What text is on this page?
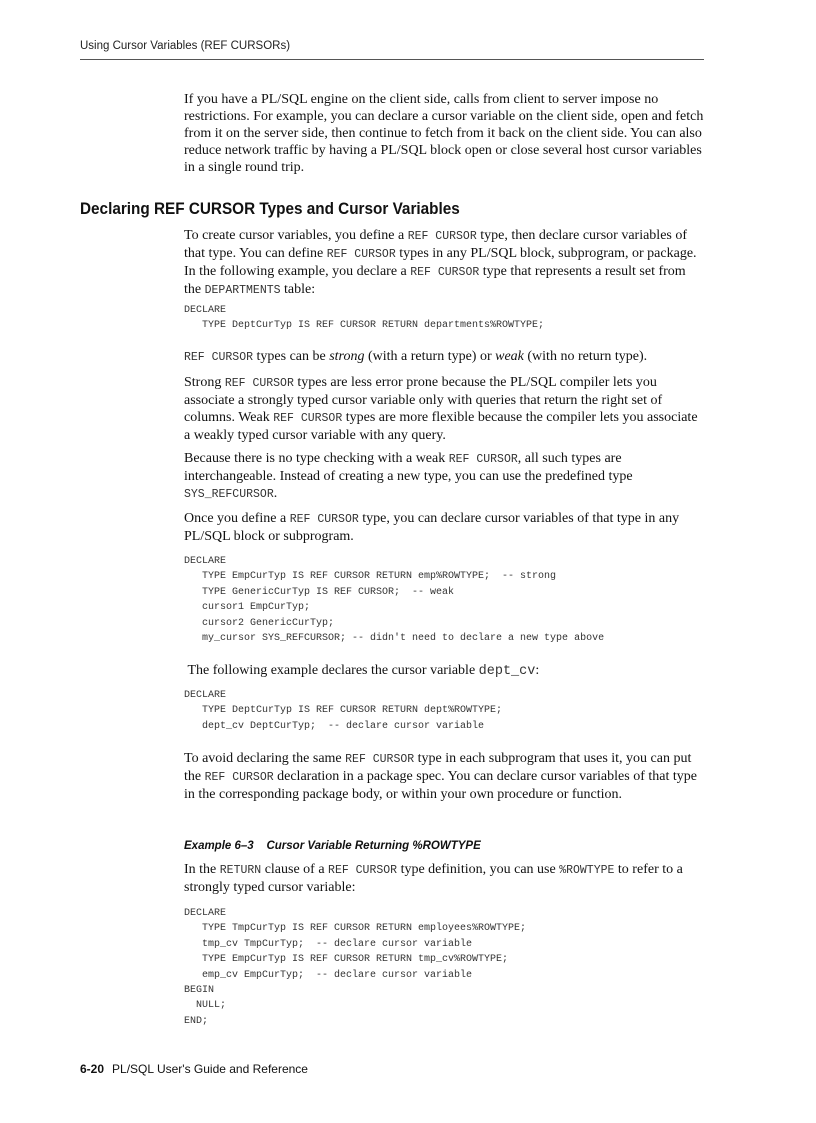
Using Cursor Variables (REF CURSORs)

If you have a PL/SQL engine on the client side, calls from client to server impose no restrictions. For example, you can declare a cursor variable on the client side, open and fetch from it on the server side, then continue to fetch from it back on the client side. You can also reduce network traffic by having a PL/SQL block open or close several host cursor variables in a single round trip.

Declaring REF CURSOR Types and Cursor Variables

To create cursor variables, you define a REF CURSOR type, then declare cursor variables of that type. You can define REF CURSOR types in any PL/SQL block, subprogram, or package. In the following example, you declare a REF CURSOR type that represents a result set from the DEPARTMENTS table:

DECLARE
TYPE DeptCurTyp IS REF CURSOR RETURN departments%ROWTYPE;

REF CURSOR types can be strong (with a return type) or weak (with no return type).

Strong REF CURSOR types are less error prone because the PL/SQL compiler lets you associate a strongly typed cursor variable only with queries that return the right set of columns. Weak REF CURSOR types are more flexible because the compiler lets you associate a weakly typed cursor variable with any query.

Because there is no type checking with a weak REF CURSOR, all such types are interchangeable. Instead of creating a new type, you can use the predefined type SYS_REFCURSOR.

Once you define a REF CURSOR type, you can declare cursor variables of that type in any PL/SQL block or subprogram.

DECLARE
TYPE EmpCurTyp IS REF CURSOR RETURN emp%ROWTYPE;  -- strong
TYPE GenericCurTyp IS REF CURSOR;  -- weak
cursor1 EmpCurTyp;
cursor2 GenericCurTyp;
my_cursor SYS_REFCURSOR; -- didn't need to declare a new type above

The following example declares the cursor variable dept_cv:

DECLARE
TYPE DeptCurTyp IS REF CURSOR RETURN dept%ROWTYPE;
dept_cv DeptCurTyp;  -- declare cursor variable

To avoid declaring the same REF CURSOR type in each subprogram that uses it, you can put the REF CURSOR declaration in a package spec. You can declare cursor variables of that type in the corresponding package body, or within your own procedure or function.

Example 6–3    Cursor Variable Returning %ROWTYPE

In the RETURN clause of a REF CURSOR type definition, you can use %ROWTYPE to refer to a strongly typed cursor variable:

DECLARE
TYPE TmpCurTyp IS REF CURSOR RETURN employees%ROWTYPE;
tmp_cv TmpCurTyp;  -- declare cursor variable
TYPE EmpCurTyp IS REF CURSOR RETURN tmp_cv%ROWTYPE;
emp_cv EmpCurTyp;  -- declare cursor variable
BEGIN
NULL;
END;
6-20 PL/SQL User's Guide and Reference
